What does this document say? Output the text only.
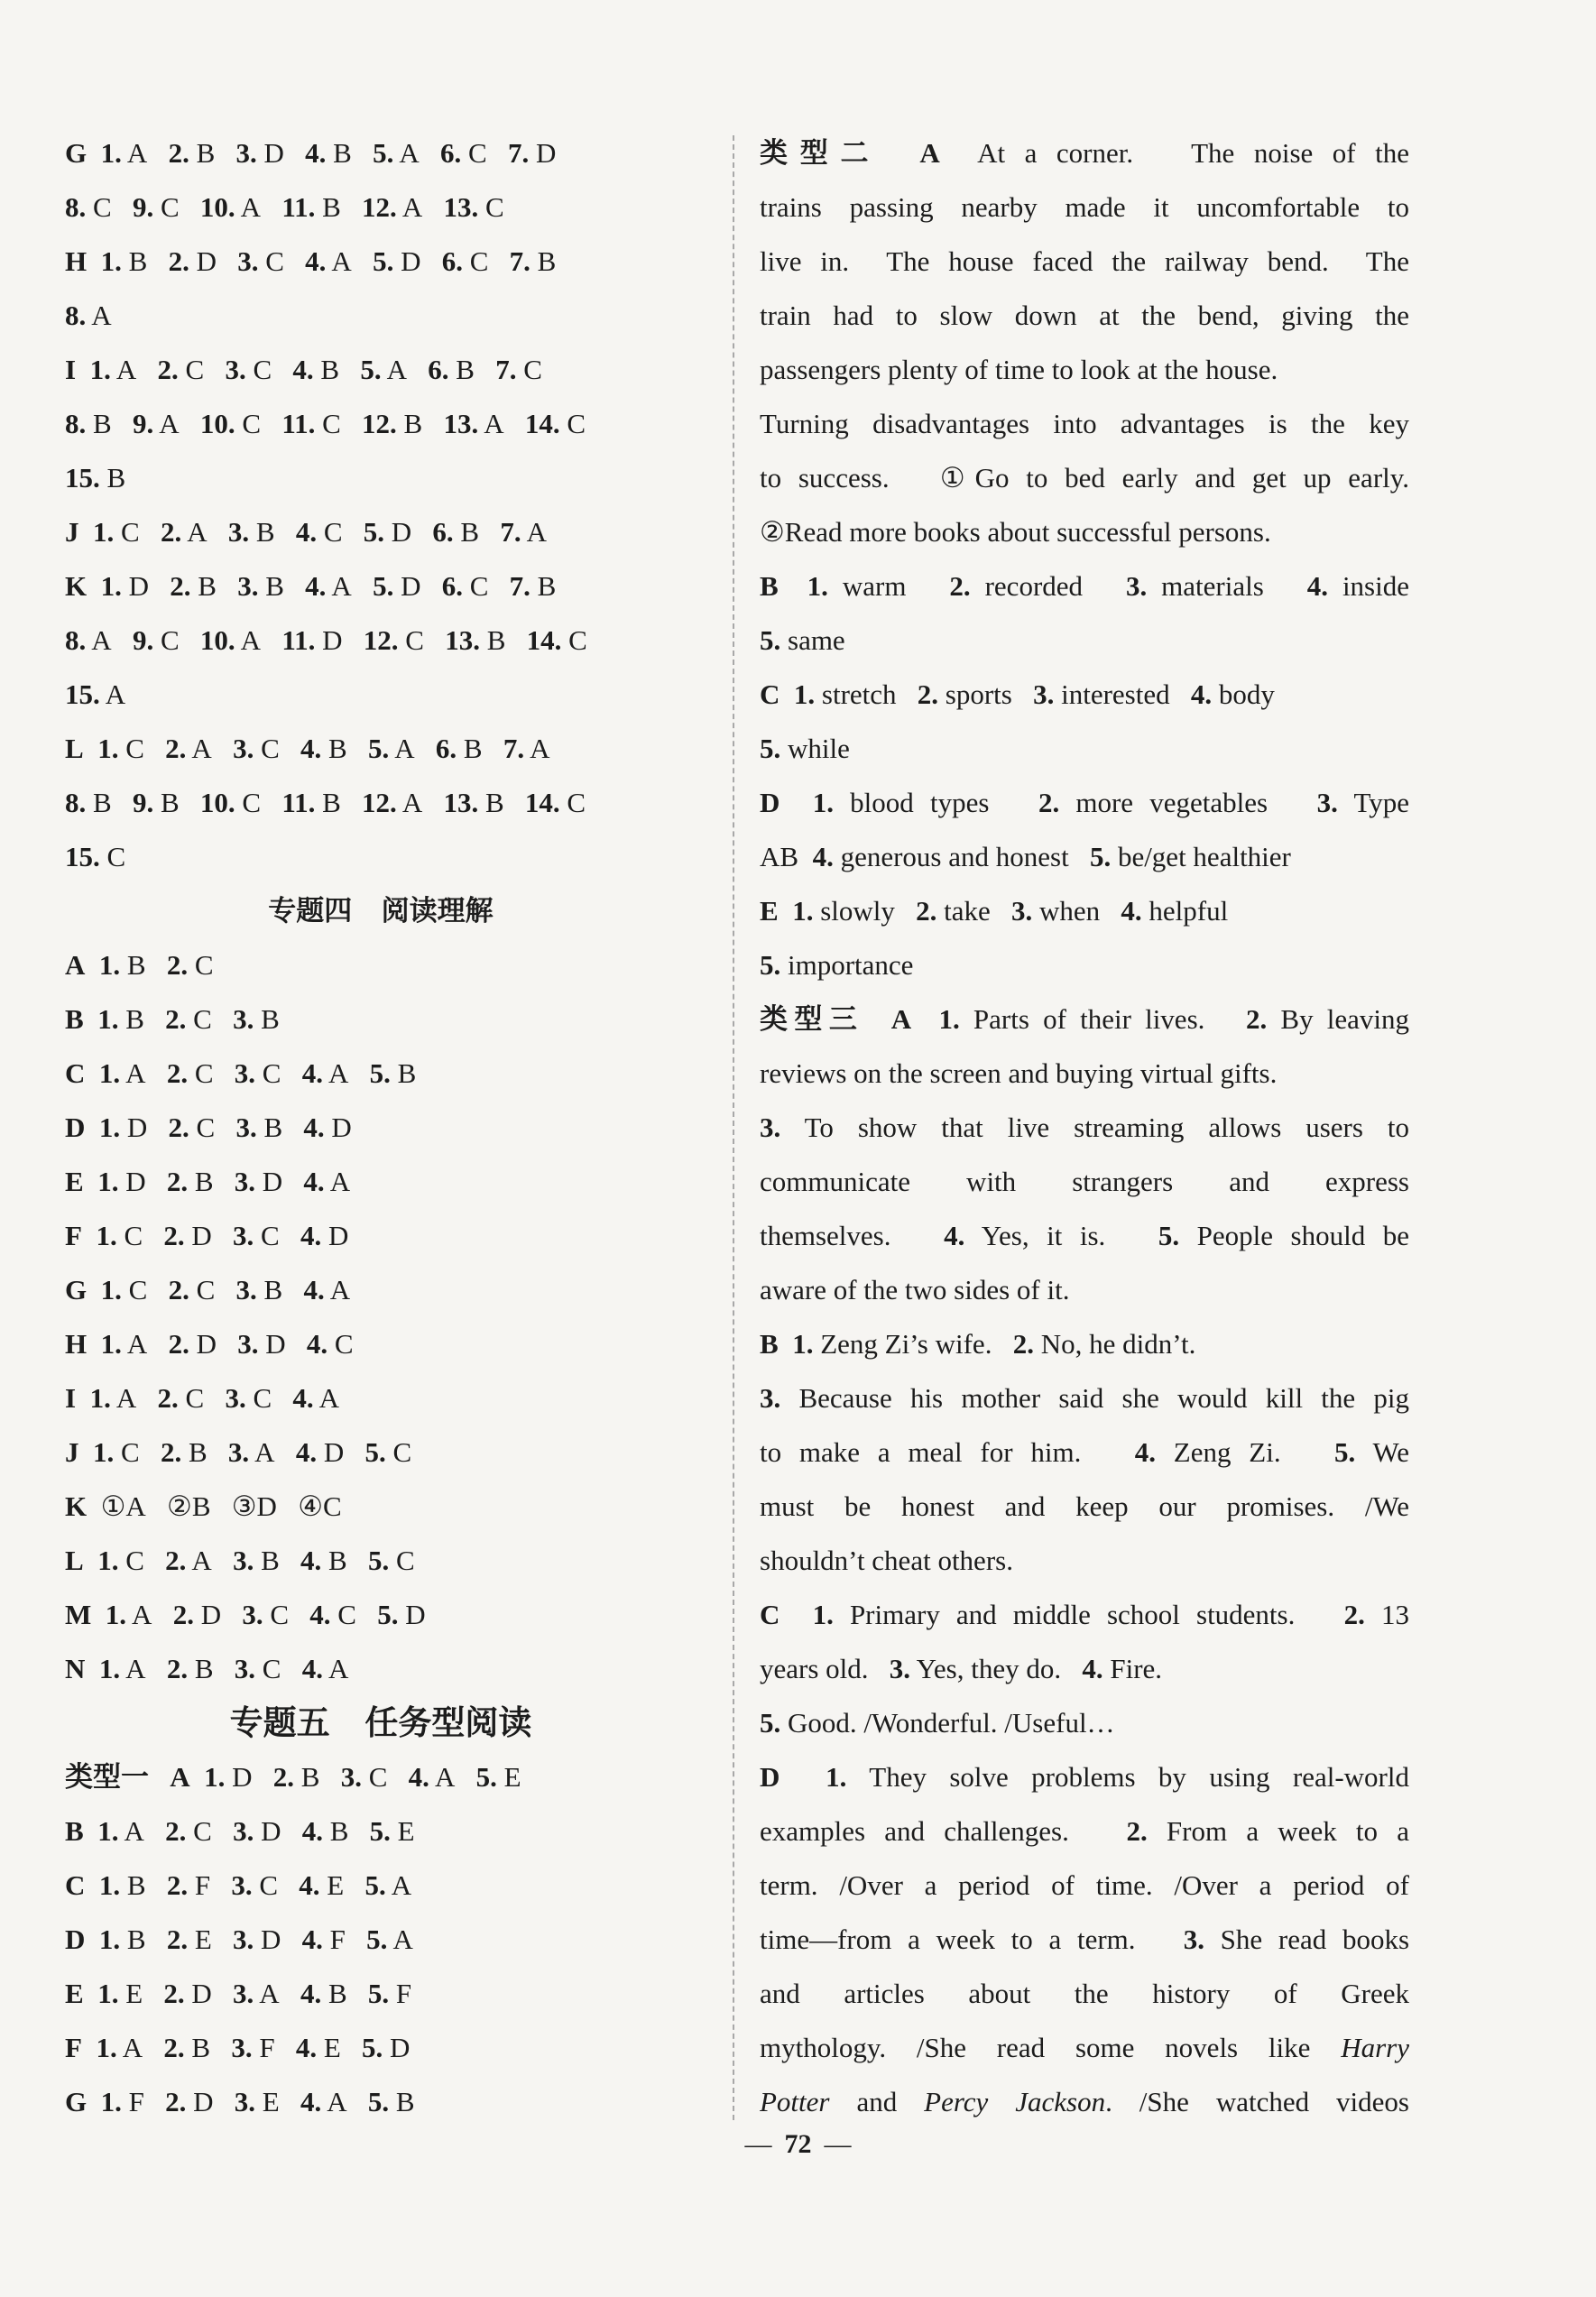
G 1. A   2. B   3. D   4. B   5. A   6. C   7. D
8. C   9. C   10. A   11. B   12. A   13. C
H 1. B   2. D   3. C   4. A   5. D   6. C   7. B
8. A
I 1. A   2. C   3. C   4. B   5. A   6. B   7. C
8. B   9. A   10. C   11. C   12. B   13. A   14. C
15. B
J 1. C   2. A   3. B   4. C   5. D   6. B   7. A
K 1. D   2. B   3. B   4. A   5. D   6. C   7. B
8. A   9. C   10. A   11. D   12. C   13. B   14. C
15. A
L 1. C   2. A   3. C   4. B   5. A   6. B   7. A
8. B   9. B   10. C   11. B   12. A   13. B   14. C
15. C
专题四   阅读理解
A 1. B   2. C
B 1. B   2. C   3. B
C 1. A   2. C   3. C   4. A   5. B
D 1. D   2. C   3. B   4. D
E 1. D   2. B   3. D   4. A
F 1. C   2. D   3. C   4. D
G 1. C   2. C   3. B   4. A
H 1. A   2. D   3. D   4. C
I 1. A   2. C   3. C   4. A
J 1. C   2. B   3. A   4. D   5. C
K  ①A   ②B   ③D   ④C
L 1. C   2. A   3. B   4. B   5. C
M 1. A   2. D   3. C   4. C   5. D
N 1. A   2. B   3. C   4. A
专题五   任务型阅读
类型一 A 1. D   2. B   3. C   4. A   5. E
B 1. A   2. C   3. D   4. B   5. E
C 1. B   2. F   3. C   4. E   5. A
D 1. B   2. E   3. D   4. F   5. A
E 1. E   2. D   3. A   4. B   5. F
F 1. A   2. B   3. F   4. E   5. D
G 1. F   2. D   3. E   4. A   5. B
类型二 A  At a corner.   The noise of the
trains passing nearby made it uncomfortable to
live in.  The house faced the railway bend.  The
train had to slow down at the bend, giving the
passengers plenty of time to look at the house.
Turning disadvantages into advantages is the key
to success.   ①Go to bed early and get up early.
②Read more books about successful persons.
B 1. warm   2. recorded   3. materials   4. inside
5. same
C 1. stretch   2. sports   3. interested   4. body
5. while
D 1. blood types   2. more vegetables   3. Type
AB  4. generous and honest   5. be/get healthier
E 1. slowly   2. take   3. when   4. helpful
5. importance
类型三 A 1. Parts of their lives.   2. By leaving
reviews on the screen and buying virtual gifts.
3. To show that live streaming allows users to
communicate with strangers and express
themselves.   4. Yes, it is.   5. People should be
aware of the two sides of it.
B 1. Zeng Zi’s wife.   2. No, he didn’t.
3. Because his mother said she would kill the pig
to make a meal for him.   4. Zeng Zi.   5. We
must be honest and keep our promises. /We
shouldn’t cheat others.
C 1. Primary and middle school students.   2. 13
years old.   3. Yes, they do.   4. Fire.
5. Good. /Wonderful. /Useful…
D 1. They solve problems by using real-world
examples and challenges.   2. From a week to a
term. /Over a period of time. /Over a period of
time—from a week to a term.   3. She read books
and articles about the history of Greek
mythology. /She read some novels like Harry
Potter and Percy Jackson. /She watched videos
— 72 —
